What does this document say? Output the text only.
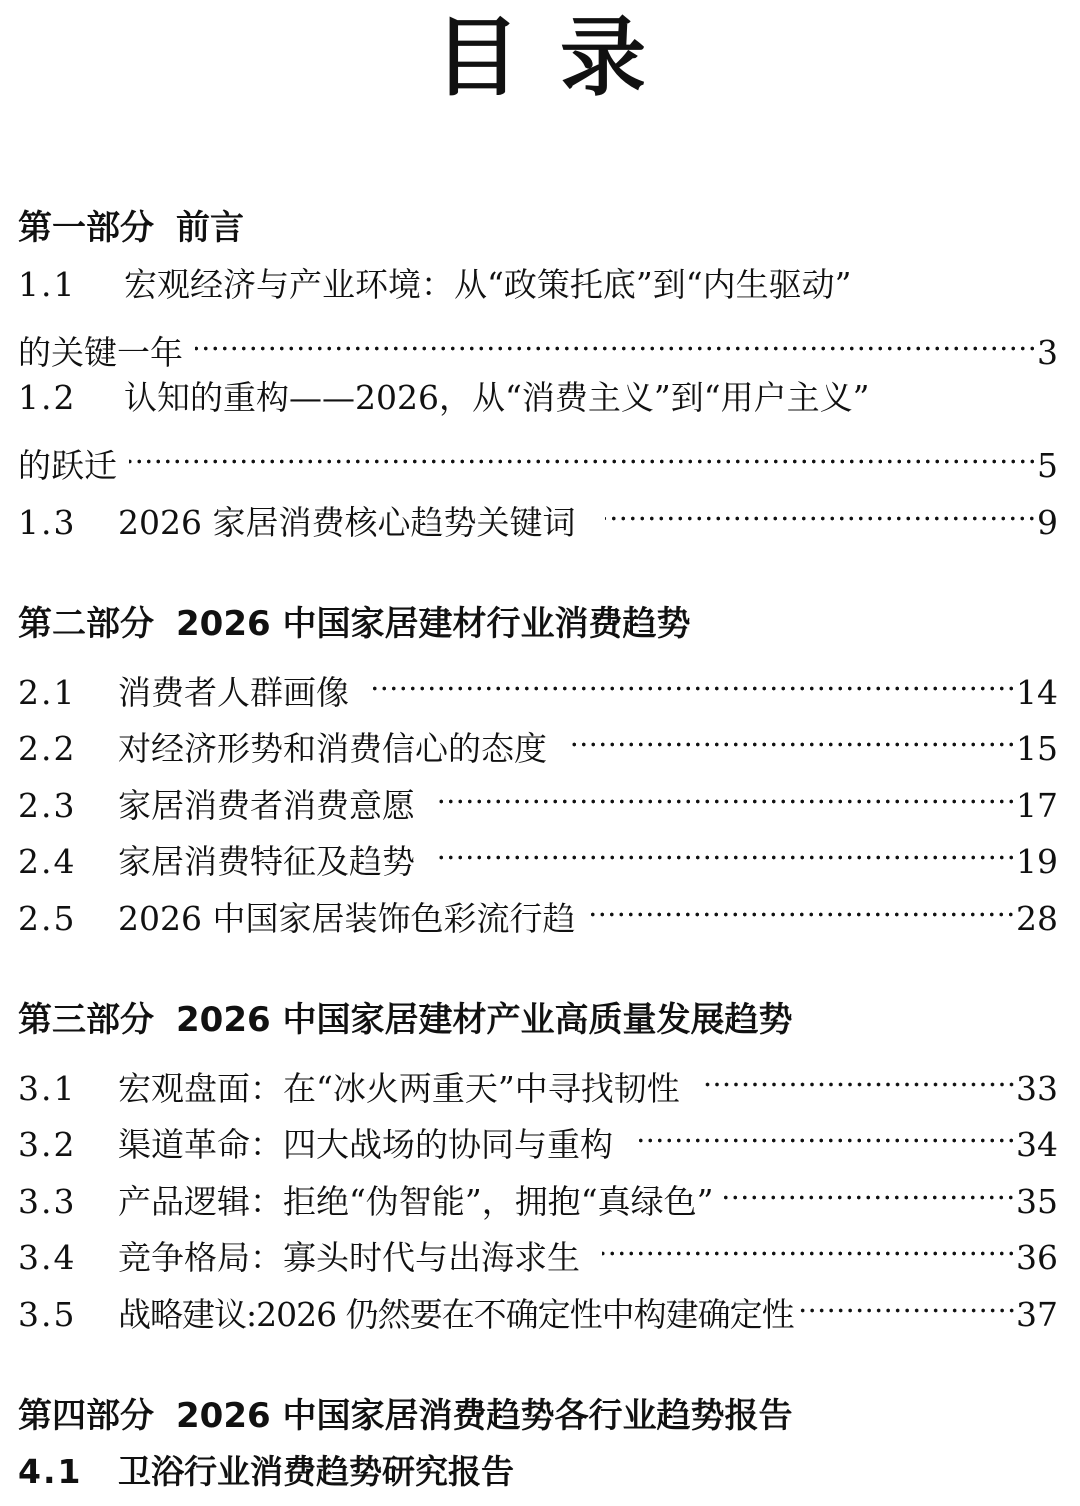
目录
第一部分 前言
1.1 宏观经济与产业环境：从“政策托底”到“内生驱动”
的关键一年	3
1.2 认知的重构——2026，从“消费主义”到“用户主义”
的跃迁	5
1.3	2026 家居消费核心趋势关键词	9
第二部分 2026 中国家居建材行业消费趋势
2.1	消费者人群画像	14
2.2	对经济形势和消费信心的态度	15
2.3	家居消费者消费意愿	17
2.4	家居消费特征及趋势	19
2.5	2026 中国家居装饰色彩流行趋	28
第三部分 2026 中国家居建材产业高质量发展趋势
3.1	宏观盘面：在“冰火两重天”中寻找韧性	33
3.2	渠道革命：四大战场的协同与重构	34
3.3	产品逻辑：拒绝“伪智能”，拥抱“真绿色”	35
3.4	竞争格局：寡头时代与出海求生	36
3.5	战略建议:2026 仍然要在不确定性中构建确定性	37
第四部分 2026 中国家居消费趋势各行业趋势报告
4.1	卫浴行业消费趋势研究报告
